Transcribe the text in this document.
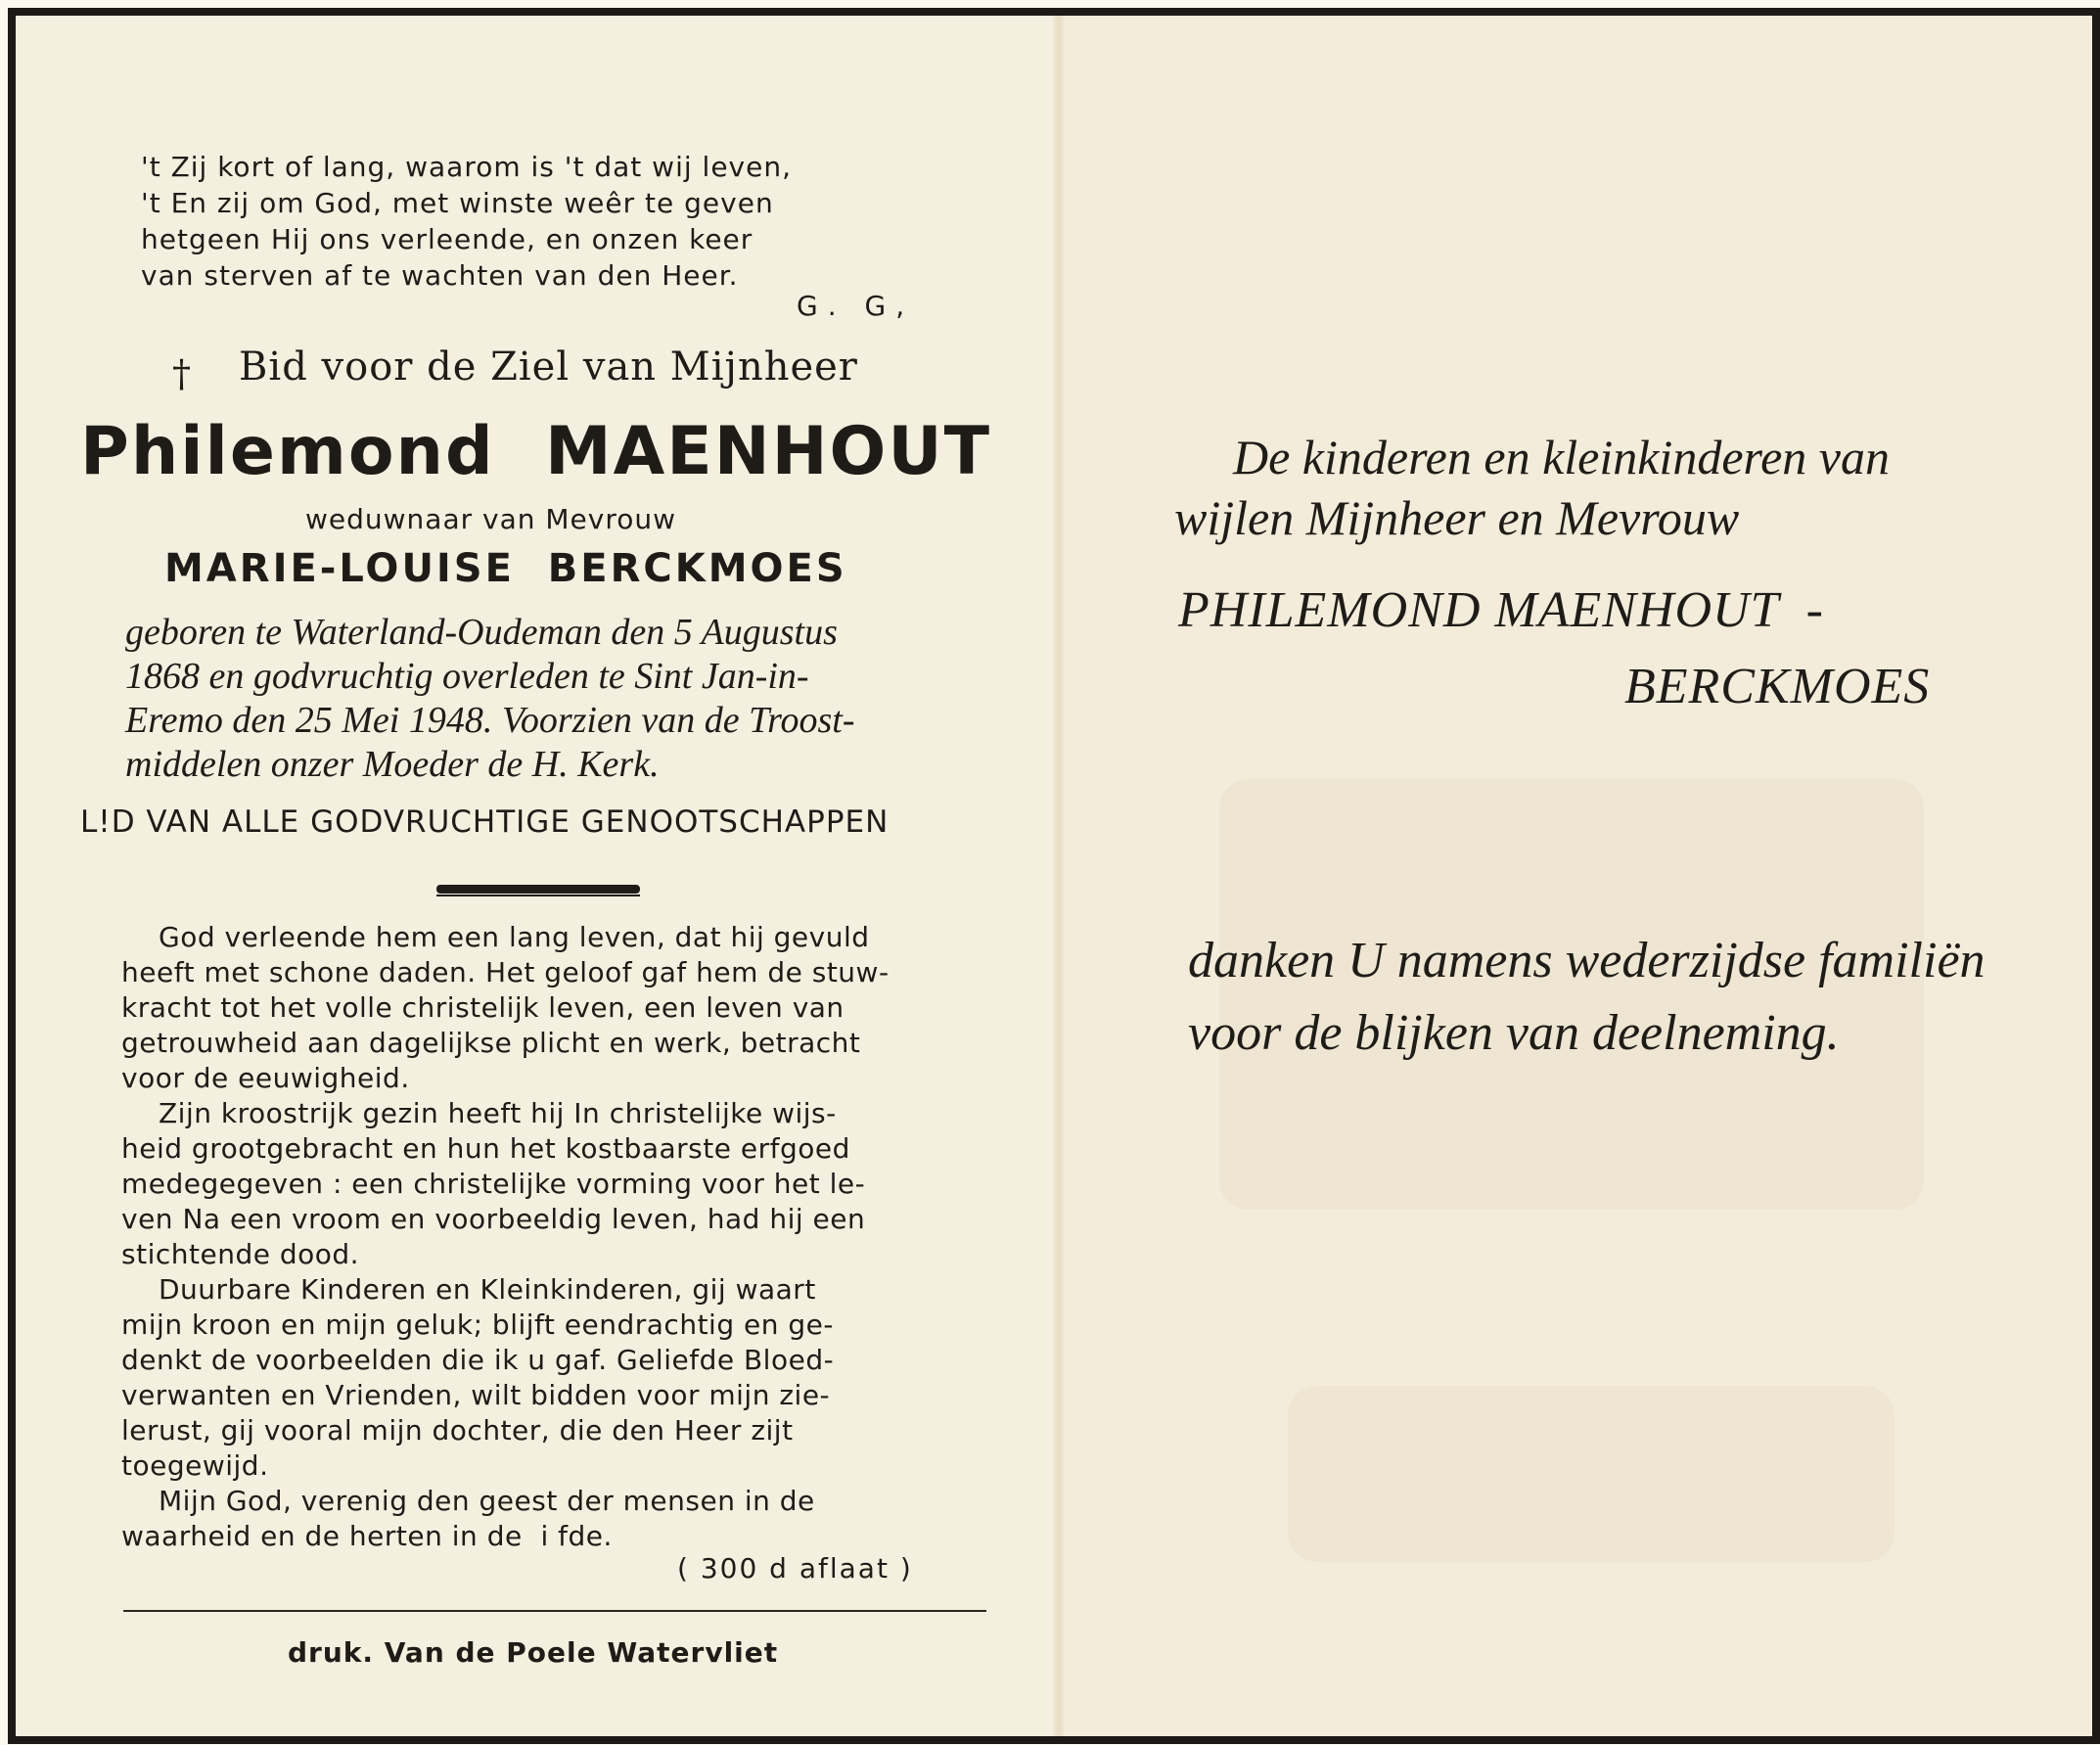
't Zij kort of lang, waarom is 't dat wij leven,
't En zij om God, met winste weêr te geven
hetgeen Hij ons verleende, en onzen keer
van sterven af te wachten van den Heer.
G. G,
† Bid voor de Ziel van Mijnheer
Philemond  MAENHOUT
weduwnaar van Mevrouw
MARIE-LOUISE  BERCKMOES
geboren te Waterland-Oudeman den 5 Augustus
1868 en godvruchtig overleden te Sint Jan-in-
Eremo den 25 Mei 1948. Voorzien van de Troost-
middelen onzer Moeder de H. Kerk.
L!D VAN ALLE GODVRUCHTIGE GENOOTSCHAPPEN
God verleende hem een lang leven, dat hij gevuld
heeft met schone daden. Het geloof gaf hem de stuw-
kracht tot het volle christelijk leven, een leven van
getrouwheid aan dagelijkse plicht en werk, betracht
voor de eeuwigheid.
Zijn kroostrijk gezin heeft hij In christelijke wijs-
heid grootgebracht en hun het kostbaarste erfgoed
medegegeven : een christelijke vorming voor het le-
ven Na een vroom en voorbeeldig leven, had hij een
stichtende dood.
Duurbare Kinderen en Kleinkinderen, gij waart
mijn kroon en mijn geluk; blijft eendrachtig en ge-
denkt de voorbeelden die ik u gaf. Geliefde Bloed-
verwanten en Vrienden, wilt bidden voor mijn zie-
lerust, gij vooral mijn dochter, die den Heer zijt
toegewijd.
Mijn God, verenig den geest der mensen in de
waarheid en de herten in de  i fde.
( 300 d aflaat )
druk. Van de Poele Watervliet
De kinderen en kleinkinderen van
wijlen Mijnheer en Mevrouw
PHILEMOND MAENHOUT  -
BERCKMOES
danken U namens wederzijdse familiën
voor de blijken van deelneming.
